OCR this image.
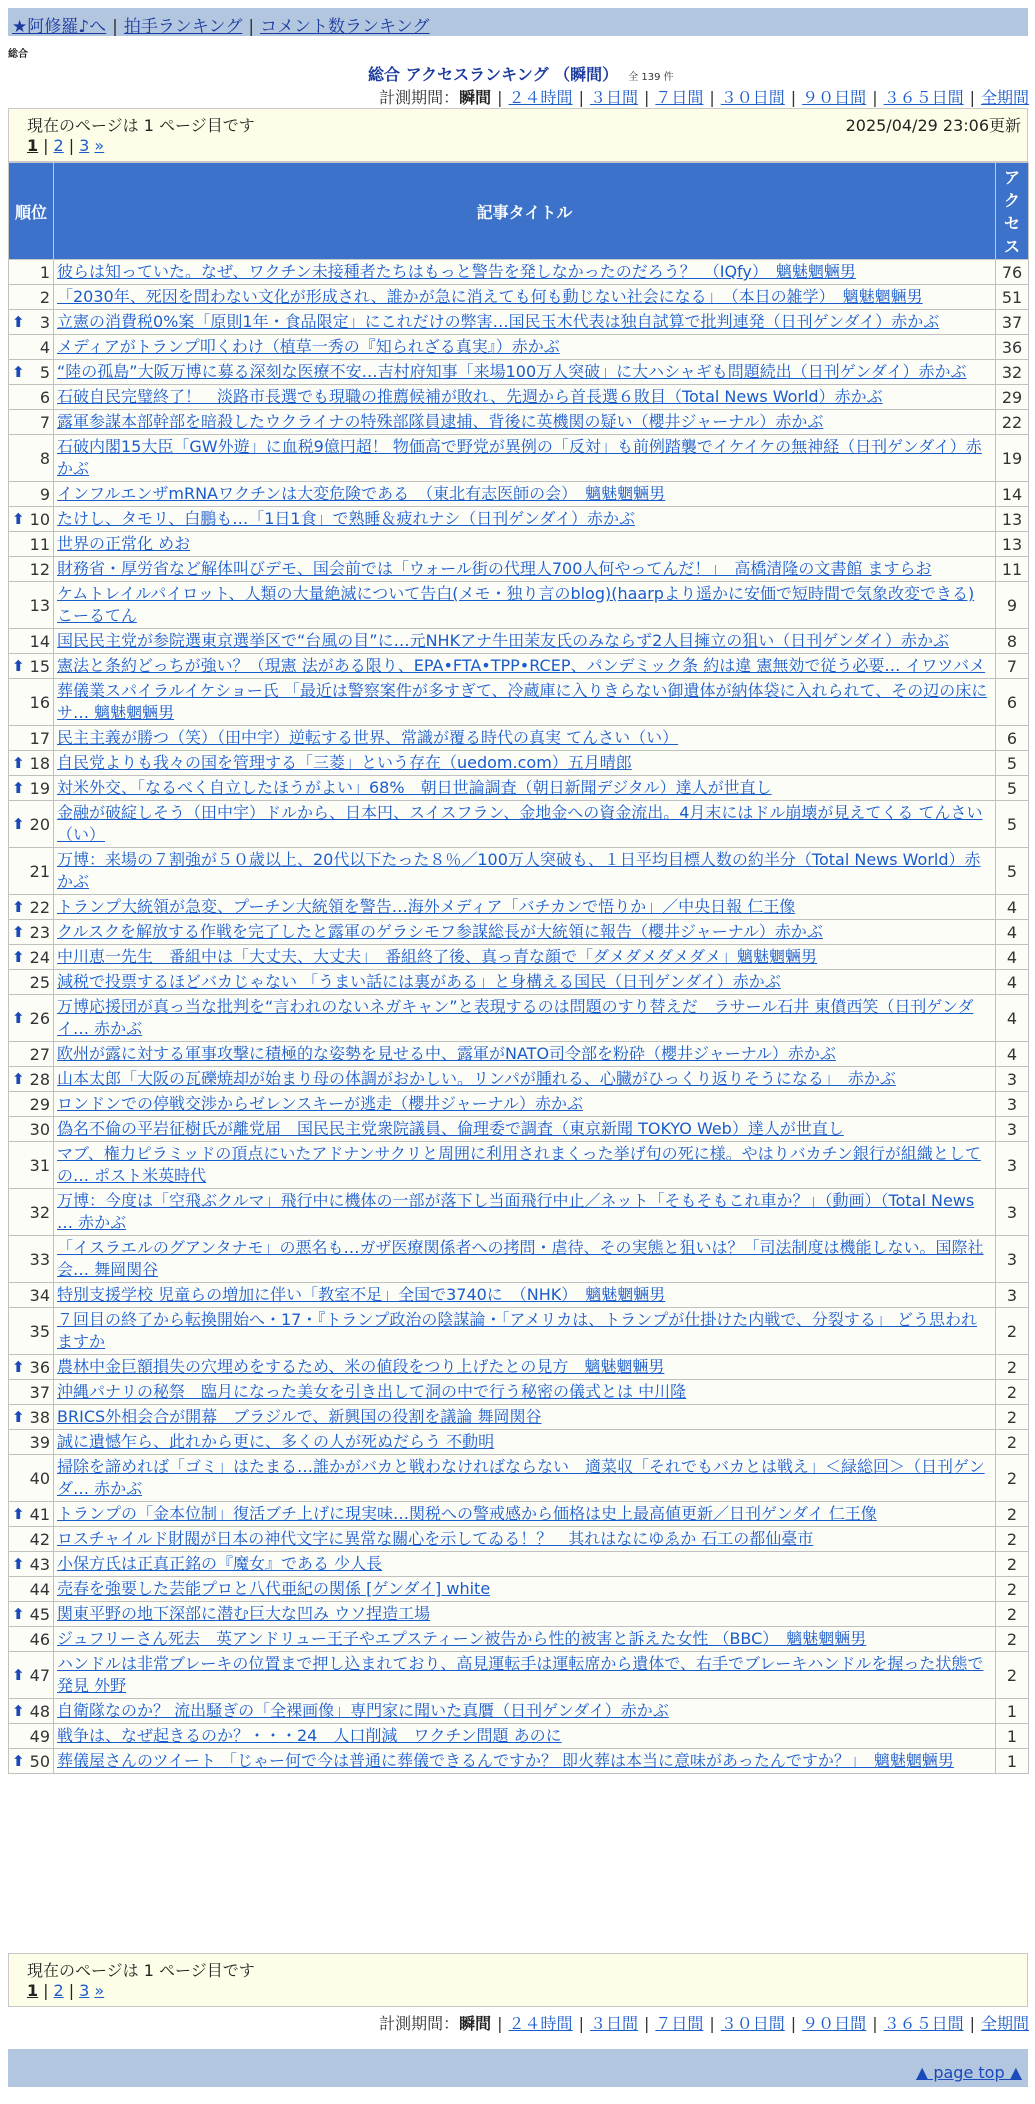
★阿修羅♪へ | 拍手ランキング | コメント数ランキング
総合
総合 アクセスランキング （瞬間） 全 139 件
計測期間：瞬間 | ２４時間 | ３日間 | ７日間 | ３０日間 | ９０日間 | ３６５日間 | 全期間
現在のページは 1 ページ目です	2025/04/29 23:06更新
1 | 2 | 3 »
順位	記事タイトル	アクセス
1	彼らは知っていた。なぜ、ワクチン未接種者たちはもっと警告を発しなかったのだろう？　（IQfy）　魑魅魍魎男	76
2	「2030年、死因を問わない文化が形成され、誰かが急に消えても何も動じない社会になる」　（本日の雑学）　魑魅魍魎男	51

⬆ 3	立憲の消費税0%案「原則1年・食品限定」にこれだけの弊害…国民玉木代表は独自試算で批判連発（日刊ゲンダイ）赤かぶ	37
4	メディアがトランプ叩くわけ（植草一秀の『知られざる真実』）赤かぶ	36

⬆ 5	“陸の孤島”大阪万博に募る深刻な医療不安…吉村府知事「来場100万人突破」に大ハシャギも問題続出（日刊ゲンダイ）赤かぶ	32
6	石破自民完璧終了！　淡路市長選でも現職の推薦候補が敗れ、先週から首長選６敗目（Total News World）赤かぶ	29
7	露軍参謀本部幹部を暗殺したウクライナの特殊部隊員逮捕、背後に英機関の疑い（櫻井ジャーナル）赤かぶ	22
8	石破内閣15大臣「GW外遊」に血税9億円超！ 物価高で野党が異例の「反対」も前例踏襲でイケイケの無神経（日刊ゲンダイ）赤かぶ	19
9	インフルエンザmRNAワクチンは大変危険である　（東北有志医師の会）　魑魅魍魎男	14

⬆ 10	たけし、タモリ、白鵬も…「1日1食」で熟睡＆疲れナシ（日刊ゲンダイ）赤かぶ	13
11	世界の正常化 めお	13
12	財務省・厚労省など解体叫びデモ、国会前では「ウォール街の代理人700人何やってんだ！」　高橋清隆の文書館 ますらお	11
13	ケムトレイルパイロット、人類の大量絶滅について告白(メモ・独り言のblog)(haarpより遥かに安価で短時間で気象改変できる) こーるてん	9
14	国民民主党が参院選東京選挙区で“台風の目”に…元NHKアナ牛田茉友氏のみならず2人目擁立の狙い（日刊ゲンダイ）赤かぶ	8

⬆ 15	憲法と条約どっちが強い？（現憲 法がある限り、EPA•FTA•TPP•RCEP、パンデミック条 約は違 憲無効で従う必要… イワツバメ	7
16	葬儀業スパイラルイケショー氏 「最近は警察案件が多すぎて、冷蔵庫に入りきらない御遺体が納体袋に入れられて、その辺の床にサ… 魑魅魍魎男	6
17	民主主義が勝つ（笑）（田中宇）逆転する世界、常識が覆る時代の真実 てんさい（い）	6

⬆ 18	自民党よりも我々の国を管理する「三菱」という存在（uedom.com）五月晴郎	5

⬆ 19	対米外交、「なるべく自立したほうがよい」68%　朝日世論調査（朝日新聞デジタル）達人が世直し	5

⬆ 20	金融が破綻しそう（田中宇）ドルから、日本円、スイスフラン、金地金への資金流出。4月末にはドル崩壊が見えてくる てんさい（い）	5
21	万博：来場の７割強が５０歳以上、20代以下たった８％／100万人突破も、１日平均目標人数の約半分（Total News World）赤かぶ	5

⬆ 22	トランプ大統領が急変、プーチン大統領を警告…海外メディア「バチカンで悟りか」／中央日報 仁王像	4

⬆ 23	クルスクを解放する作戦を完了したと露軍のゲラシモフ参謀総長が大統領に報告（櫻井ジャーナル）赤かぶ	4

⬆ 24	中川恵一先生　番組中は「大丈夫、大丈夫」　番組終了後、真っ青な顔で「ダメダメダメダメ」魑魅魍魎男	4
25	減税で投票するほどバカじゃない 「うまい話には裏がある」と身構える国民（日刊ゲンダイ）赤かぶ	4

⬆ 26	万博応援団が真っ当な批判を“言われのないネガキャン”と表現するのは問題のすり替えだ　ラサール石井 東僨西笑（日刊ゲンダイ… 赤かぶ	4
27	欧州が露に対する軍事攻撃に積極的な姿勢を見せる中、露軍がNATO司令部を粉砕（櫻井ジャーナル）赤かぶ	4

⬆ 28	山本太郎「大阪の瓦礫焼却が始まり母の体調がおかしい。リンパが腫れる、心臓がひっくり返りそうになる」　赤かぶ	3
29	ロンドンでの停戦交渉からゼレンスキーが逃走（櫻井ジャーナル）赤かぶ	3
30	偽名不倫の平岩征樹氏が離党届　国民民主党衆院議員、倫理委で調査（東京新聞 TOKYO Web）達人が世直し	3
31	マブ、権力ピラミッドの頂点にいたアドナンサクリと周囲に利用されまくった挙げ句の死に様。やはりバカチン銀行が組織としての… ポスト米英時代	3
32	万博：今度は「空飛ぶクルマ」飛行中に機体の一部が落下し当面飛行中止／ネット「そもそもこれ車か？」（動画）（Total News … 赤かぶ	3
33	「イスラエルのグアンタナモ」の悪名も…ガザ医療関係者への拷問・虐待、その実態と狙いは？「司法制度は機能しない。国際社会… 舞岡関谷	3
34	特別支援学校 児童らの増加に伴い「教室不足」全国で3740に　（NHK）　魑魅魍魎男	3
35	７回目の終了から転換開始へ・17・『トランプ政治の陰謀論・「アメリカは、トランプが仕掛けた内戦で、分裂する」 どう思われますか	2

⬆ 36	農林中金巨額損失の穴埋めをするため、米の値段をつり上げたとの見方　魑魅魍魎男	2
37	沖縄パナリの秘祭　臨月になった美女を引き出して洞の中で行う秘密の儀式とは 中川隆	2

⬆ 38	BRICS外相会合が開幕　ブラジルで、新興国の役割を議論 舞岡関谷	2
39	誠に遺憾乍ら、此れから更に、多くの人が死ぬだらう 不動明	2
40	掃除を諦めれば「ゴミ」はたまる…誰かがバカと戦わなければならない　適菜収「それでもバカとは戦え」＜緑総回＞（日刊ゲンダ… 赤かぶ	2

⬆ 41	トランプの「金本位制」復活ブチ上げに現実味…関税への警戒感から価格は史上最高値更新／日刊ゲンダイ 仁王像	2
42	ロスチャイルド財閥が日本の神代文字に異常な關心を示してゐる！？　其れはなにゆゑか 石工の都仙臺市	2

⬆ 43	小保方氏は正真正銘の『魔女』である 少人長	2
44	売春を強要した芸能プロと八代亜紀の関係 [ゲンダイ] white	2

⬆ 45	関東平野の地下深部に潜む巨大な凹み ウソ捏造工場	2
46	ジュフリーさん死去　英アンドリュー王子やエプスティーン被告から性的被害と訴えた女性 （BBC）　魑魅魍魎男	2

⬆ 47	ハンドルは非常ブレーキの位置まで押し込まれており、高見運転手は運転席から遺体で、右手でブレーキハンドルを握った状態で発見 外野	2

⬆ 48	自衛隊なのか？ 流出騒ぎの「全裸画像」専門家に聞いた真贋（日刊ゲンダイ）赤かぶ	1
49	戦争は、なぜ起きるのか？・・・24　人口削減　ワクチン問題 あのに	1

⬆ 50	葬儀屋さんのツイート 「じゃー何で今は普通に葬儀できるんですか？ 即火葬は本当に意味があったんですか？」　魑魅魍魎男	1
現在のページは 1 ページ目です
1 | 2 | 3 »
計測期間：瞬間 | ２４時間 | ３日間 | ７日間 | ３０日間 | ９０日間 | ３６５日間 | 全期間
▲ page top ▲
